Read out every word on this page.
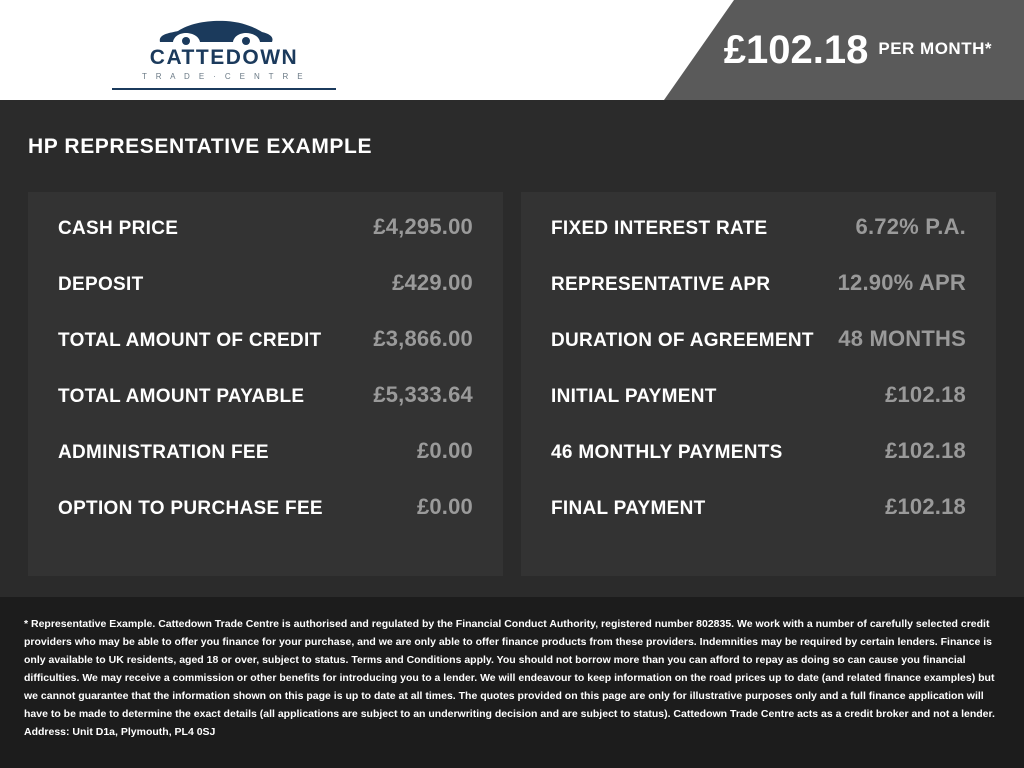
CATTEDOWN
T R A D E · C E N T R E
£102.18 PER MONTH*
HP REPRESENTATIVE EXAMPLE
CASH PRICE	£4,295.00
DEPOSIT	£429.00
TOTAL AMOUNT OF CREDIT £3,866.00
TOTAL AMOUNT PAYABLE	£5,333.64
ADMINISTRATION FEE	£0.00
OPTION TO PURCHASE FEE	£0.00
FIXED INTEREST RATE	6.72% P.A.
REPRESENTATIVE APR	12.90% APR
DURATION OF AGREEMENT 48 MONTHS
INITIAL PAYMENT	£102.18
46 MONTHLY PAYMENTS	£102.18
FINAL PAYMENT	£102.18

* Representative Example. Cattedown Trade Centre is authorised and regulated by the Financial Conduct Authority, registered number 802835. We work with a number of carefully selected credit providers who may be able to offer you finance for your purchase, and we are only able to offer finance products from these providers. Indemnities may be required by certain lenders. Finance is only available to UK residents, aged 18 or over, subject to status. Terms and Conditions apply. You should not borrow more than you can afford to repay as doing so can cause you financial difficulties. We may receive a commission or other benefits for introducing you to a lender. We will endeavour to keep information on the road prices up to date (and related finance examples) but we cannot guarantee that the information shown on this page is up to date at all times. The quotes provided on this page are only for illustrative purposes only and a full finance application will have to be made to determine the exact details (all applications are subject to an underwriting decision and are subject to status). Cattedown Trade Centre acts as a credit broker and not a lender. Address: Unit D1a, Plymouth, PL4 0SJ
